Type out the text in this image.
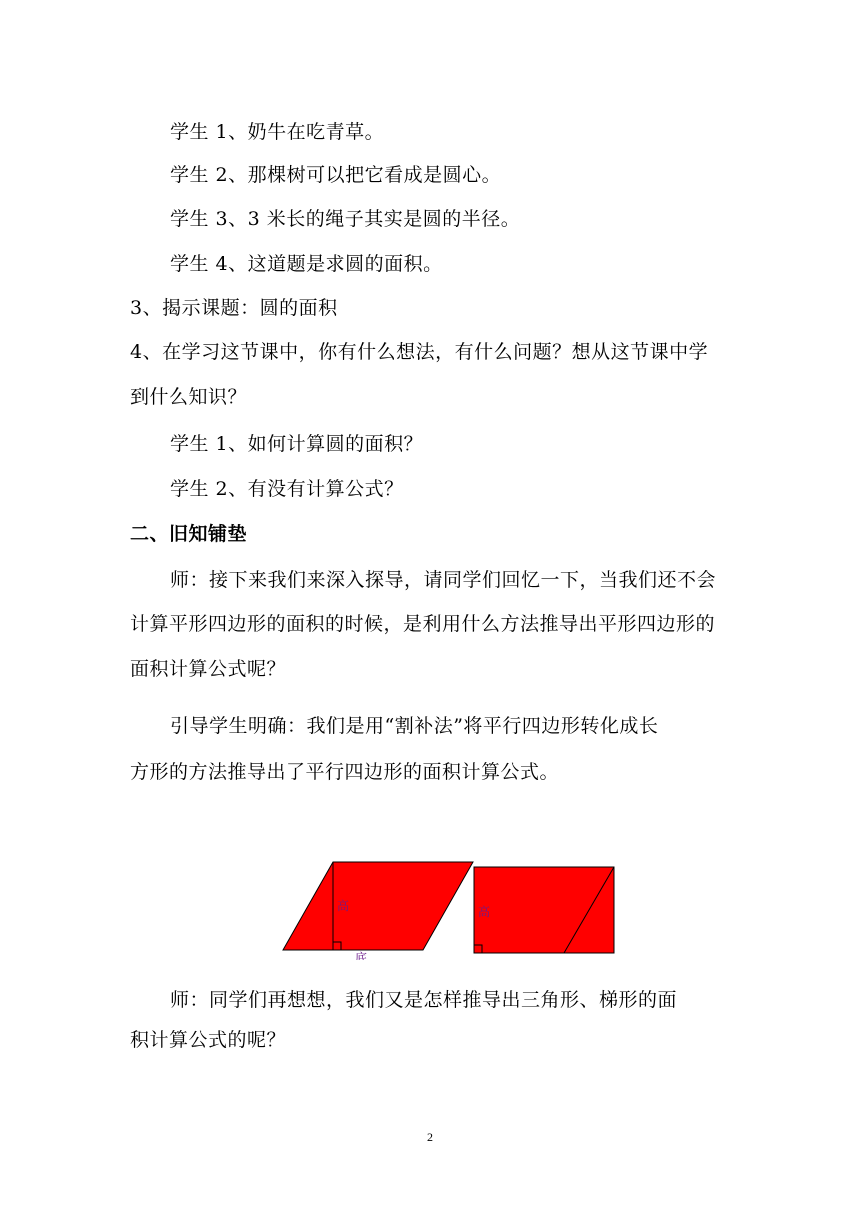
学生 1、奶牛在吃青草。
学生 2、那棵树可以把它看成是圆心。
学生 3、3 米长的绳子其实是圆的半径。
学生 4、这道题是求圆的面积。
3、揭示课题：圆的面积
4、在学习这节课中，你有什么想法，有什么问题？想从这节课中学
到什么知识？
学生 1、如何计算圆的面积？
学生 2、有没有计算公式？
二、旧知铺垫
师：接下来我们来深入探导，请同学们回忆一下，当我们还不会
计算平形四边形的面积的时候，是利用什么方法推导出平形四边形的
面积计算公式呢？
引导学生明确：我们是用“割补法”将平行四边形转化成长
方形的方法推导出了平行四边形的面积计算公式。
高
底
高
师：同学们再想想，我们又是怎样推导出三角形、梯形的面
积计算公式的呢？
2
